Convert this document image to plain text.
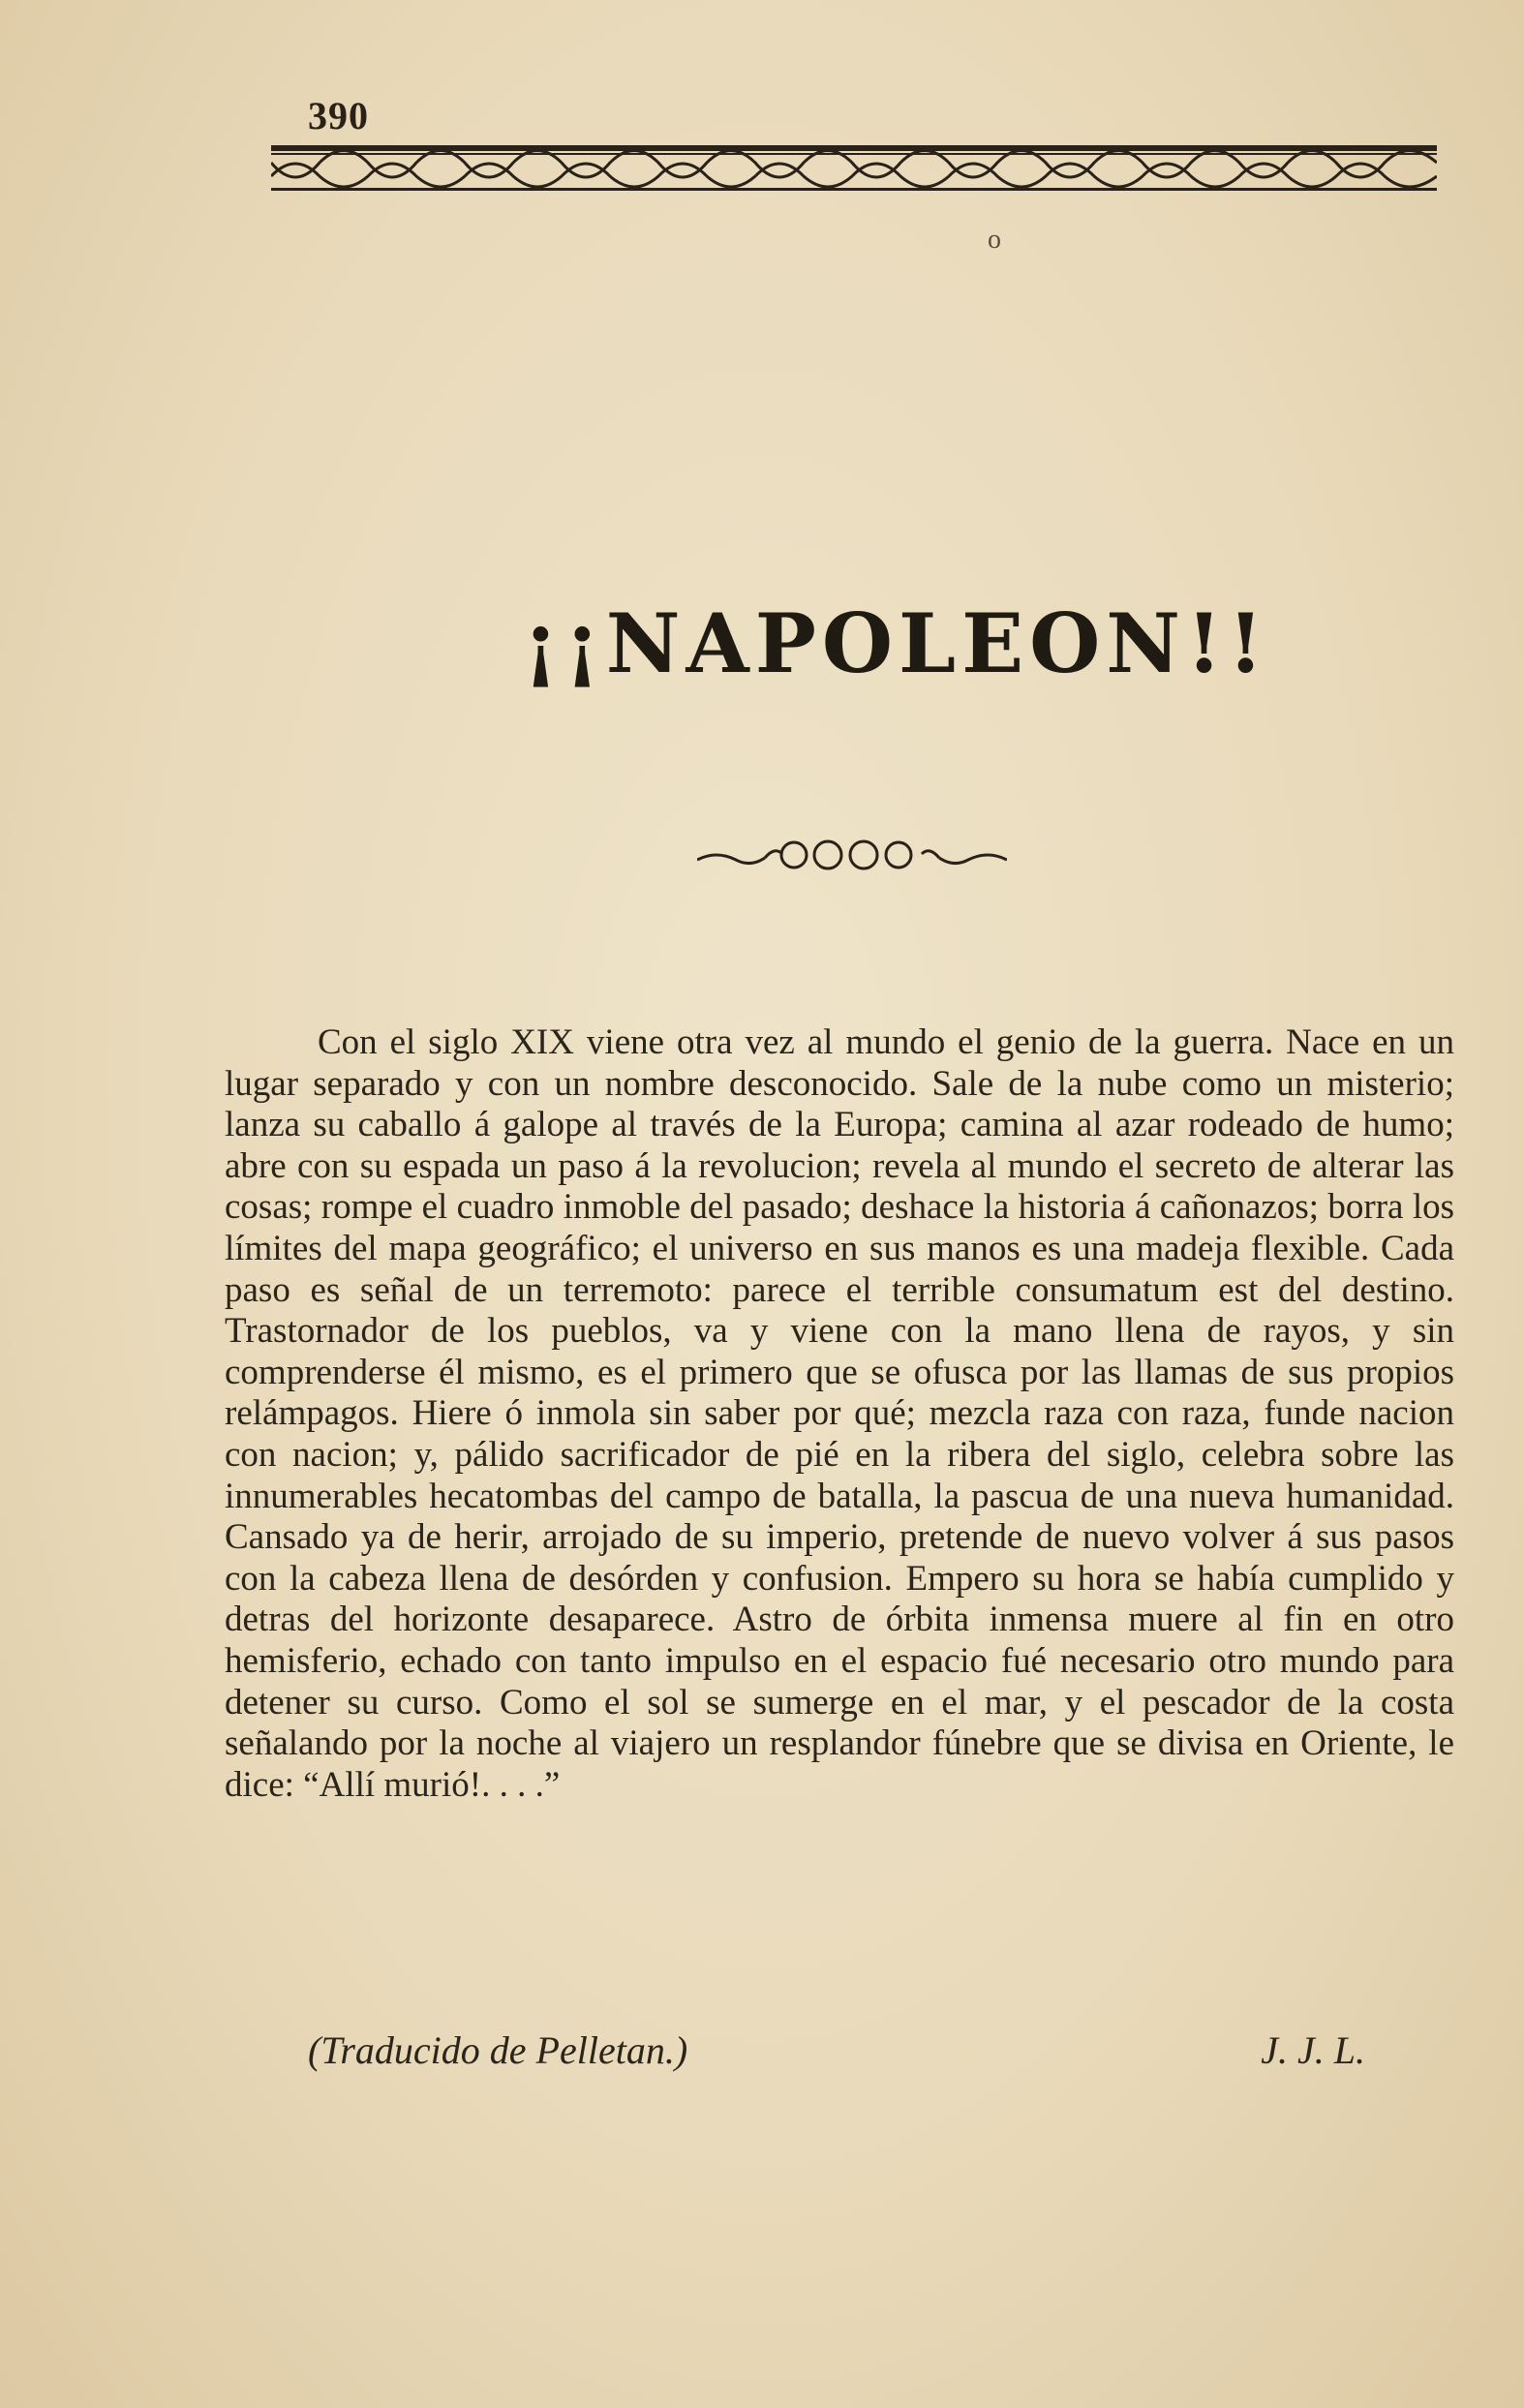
390
o
¡¡NAPOLEON!!

Con el siglo XIX viene otra vez al mundo el genio de la guerra. Nace en un lugar separado y con un nombre desconocido. Sale de la nube como un misterio; lanza su caballo á galope al través de la Europa; camina al azar rodeado de humo; abre con su espada un paso á la revolucion; revela al mundo el secreto de alterar las cosas; rompe el cuadro inmoble del pasado; deshace la historia á cañonazos; borra los límites del mapa geográfico; el universo en sus manos es una madeja flexible. Cada paso es señal de un terremoto: parece el terrible consumatum est del destino. Trastornador de los pueblos, va y viene con la mano llena de rayos, y sin comprenderse él mismo, es el primero que se ofusca por las llamas de sus propios relámpagos. Hiere ó inmola sin saber por qué; mezcla raza con raza, funde nacion con nacion; y, pálido sacrificador de pié en la ribera del siglo, celebra sobre las innumerables hecatombas del campo de batalla, la pascua de una nueva humanidad. Cansado ya de herir, arrojado de su imperio, pretende de nuevo volver á sus pasos con la cabeza llena de desórden y confusion. Empero su hora se había cumplido y detras del horizonte desaparece. Astro de órbita inmensa muere al fin en otro hemisferio, echado con tanto impulso en el espacio fué necesario otro mundo para detener su curso. Como el sol se sumerge en el mar, y el pescador de la costa señalando por la noche al viajero un resplandor fúnebre que se divisa en Oriente, le dice: “Allí murió!. . . .”

(Traducido de Pelletan.)	J. J. L.
